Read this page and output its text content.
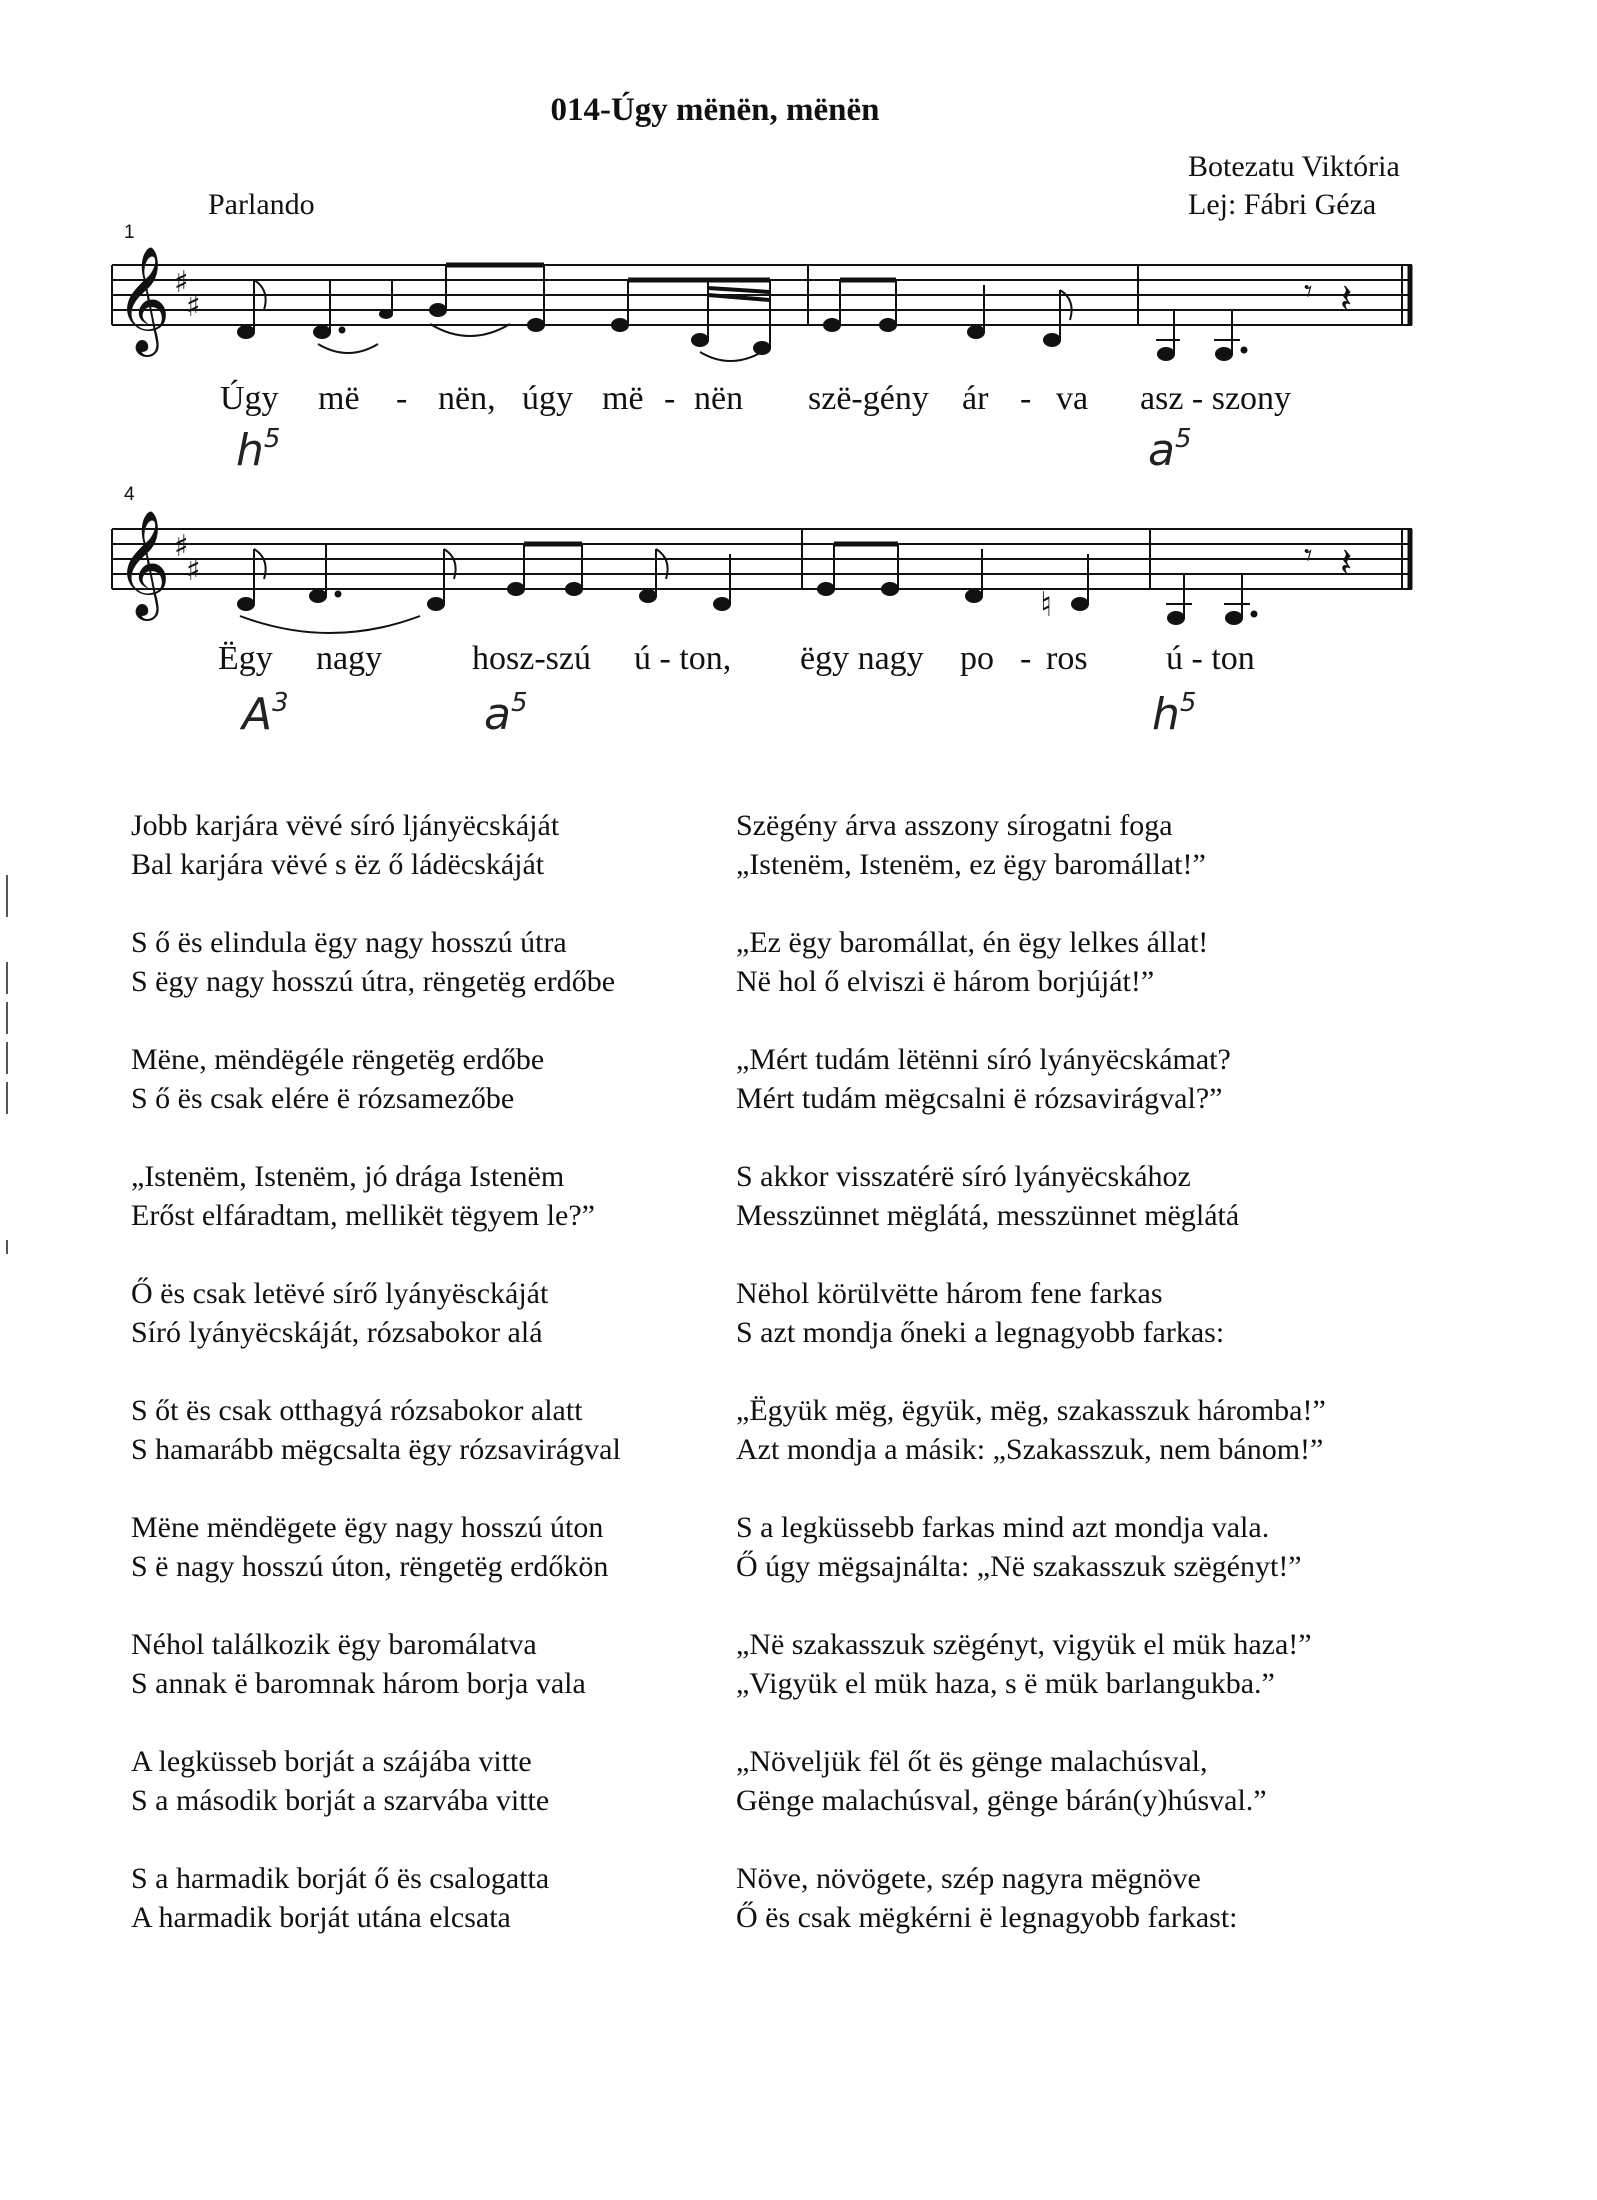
014-Úgy mënën, mënën
Botezatu Viktória
Lej: Fábri Géza
Parlando
1
𝄞 ♯
♯	𝄾 𝄽
Úgy më - nën, úgy më - nën szë-gény ár - va asz - szony
$h^5$	$a^5$
4
𝄞 ♯
♯
♮
𝄾 𝄽
Ëgy nagy	hosz-szú ú - ton, ëgy nagy po - ros ú - ton
$A^3$	$a^5$	$h^5$
Jobb karjára vëvé síró ljányëcskáját
Bal karjára vëvé s ëz ő ládëcskáját
S ő ës elindula ëgy nagy hosszú útra
S ëgy nagy hosszú útra, rëngetëg erdőbe
Mëne, mëndëgéle rëngetëg erdőbe
S ő ës csak elére ë rózsamezőbe
„Istenëm, Istenëm, jó drága Istenëm
Erőst elfáradtam, mellikët tëgyem le?”
Ő ës csak letëvé sírő lyányësckáját
Síró lyányëcskáját, rózsabokor alá
S őt ës csak otthagyá rózsabokor alatt
S hamarább mëgcsalta ëgy rózsavirágval
Mëne mëndëgete ëgy nagy hosszú úton
S ë nagy hosszú úton, rëngetëg erdőkön
Néhol találkozik ëgy baromálatva
S annak ë baromnak három borja vala
A legküsseb borját a szájába vitte
S a második borját a szarvába vitte
S a harmadik borját ő ës csalogatta
A harmadik borját utána elcsata
Szëgény árva asszony sírogatni foga
„Istenëm, Istenëm, ez ëgy baromállat!”
„Ez ëgy baromállat, én ëgy lelkes állat!
Në hol ő elviszi ë három borjúját!”
„Mért tudám lëtënni síró lyányëcskámat?
Mért tudám mëgcsalni ë rózsavirágval?”
S akkor visszatérë síró lyányëcskához
Messzünnet mëglátá, messzünnet mëglátá
Nëhol körülvëtte három fene farkas
S azt mondja őneki a legnagyobb farkas:
„Ëgyük mëg, ëgyük, mëg, szakasszuk háromba!”
Azt mondja a másik: „Szakasszuk, nem bánom!”
S a legküssebb farkas mind azt mondja vala.
Ő úgy mëgsajnálta: „Në szakasszuk szëgényt!”
„Në szakasszuk szëgényt, vigyük el mük haza!”
„Vigyük el mük haza, s ë mük barlangukba.”
„Növeljük fël őt ës gënge malachúsval,
Gënge malachúsval, gënge bárán(y)húsval.”
Növe, növögete, szép nagyra mëgnöve
Ő ës csak mëgkérni ë legnagyobb farkast:
